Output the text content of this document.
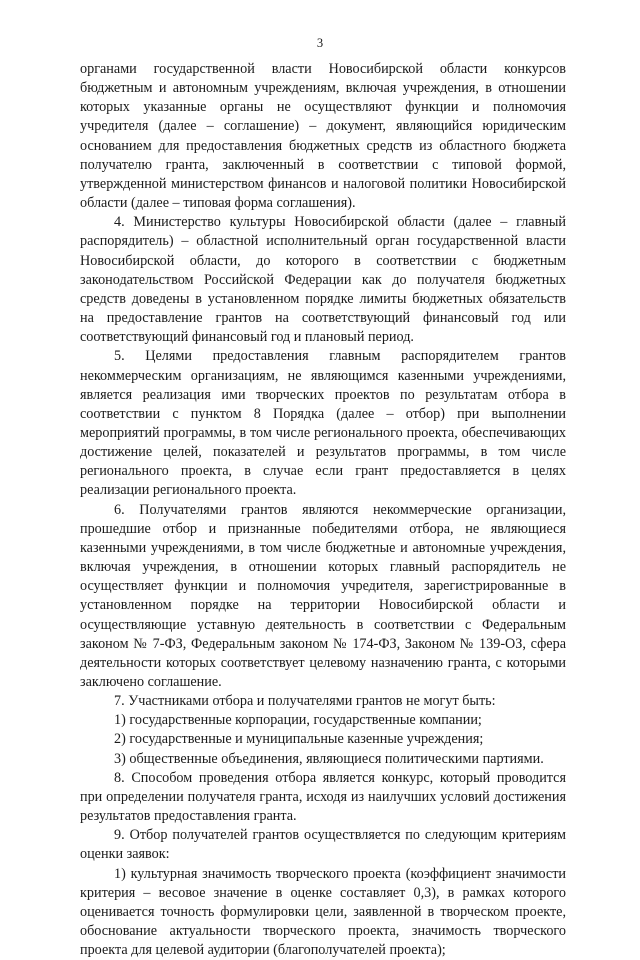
3

органами государственной власти Новосибирской области конкурсов бюджетным и автономным учреждениям, включая учреждения, в отношении которых указанные органы не осуществляют функции и полномочия учредителя (далее – соглашение) – документ, являющийся юридическим основанием для предоставления бюджетных средств из областного бюджета получателю гранта, заключенный в соответствии с типовой формой, утвержденной министерством финансов и налоговой политики Новосибирской области (далее – типовая форма соглашения).

4. Министерство культуры Новосибирской области (далее – главный распорядитель) – областной исполнительный орган государственной власти Новосибирской области, до которого в соответствии с бюджетным законодательством Российской Федерации как до получателя бюджетных средств доведены в установленном порядке лимиты бюджетных обязательств на предоставление грантов на соответствующий финансовый год или соответствующий финансовый год и плановый период.

5. Целями предоставления главным распорядителем грантов некоммерческим организациям, не являющимся казенными учреждениями, является реализация ими творческих проектов по результатам отбора в соответствии с пунктом 8 Порядка (далее – отбор) при выполнении мероприятий программы, в том числе регионального проекта, обеспечивающих достижение целей, показателей и результатов программы, в том числе регионального проекта, в случае если грант предоставляется в целях реализации регионального проекта.

6. Получателями грантов являются некоммерческие организации, прошедшие отбор и признанные победителями отбора, не являющиеся казенными учреждениями, в том числе бюджетные и автономные учреждения, включая учреждения, в отношении которых главный распорядитель не осуществляет функции и полномочия учредителя, зарегистрированные в установленном порядке на территории Новосибирской области и осуществляющие уставную деятельность в соответствии с Федеральным законом № 7-ФЗ, Федеральным законом № 174-ФЗ, Законом № 139-ОЗ, сфера деятельности которых соответствует целевому назначению гранта, с которыми заключено соглашение.

7. Участниками отбора и получателями грантов не могут быть:

1) государственные корпорации, государственные компании;

2) государственные и муниципальные казенные учреждения;

3) общественные объединения, являющиеся политическими партиями.

8. Способом проведения отбора является конкурс, который проводится при определении получателя гранта, исходя из наилучших условий достижения результатов предоставления гранта.

9. Отбор получателей грантов осуществляется по следующим критериям оценки заявок:

1) культурная значимость творческого проекта (коэффициент значимости критерия – весовое значение в оценке составляет 0,3), в рамках которого оценивается точность формулировки цели, заявленной в творческом проекте, обоснование актуальности творческого проекта, значимость творческого проекта для целевой аудитории (благополучателей проекта);
